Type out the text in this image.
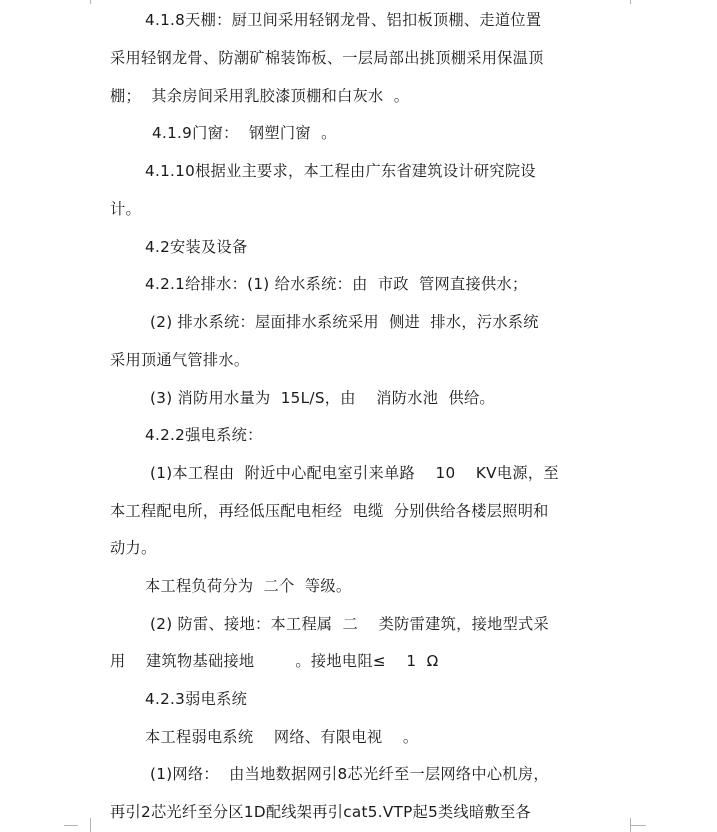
4.1.8天棚：厨卫间采用轻钢龙骨、铝扣板顶棚、走道位置
采用轻钢龙骨、防潮矿棉装饰板、一层局部出挑顶棚采用保温顶
棚；  其余房间采用乳胶漆顶棚和白灰水  。
4.1.9门窗：  钢塑门窗  。
4.1.10根据业主要求，本工程由广东省建筑设计研究院设
计。
4.2安装及设备
4.2.1给排水：(1) 给水系统：由  市政  管网直接供水；
(2) 排水系统：屋面排水系统采用  侧进  排水，污水系统
采用顶通气管排水。
(3) 消防用水量为  15L/S，由    消防水池  供给。
4.2.2强电系统：
(1)本工程由  附近中心配电室引来单路    10    KV电源，至
本工程配电所，再经低压配电柜经  电缆  分别供给各楼层照明和
动力。
本工程负荷分为  二个  等级。
(2) 防雷、接地：本工程属  二    类防雷建筑，接地型式采
用    建筑物基础接地        。接地电阻≤    1  Ω
4.2.3弱电系统
本工程弱电系统    网络、有限电视    。
(1)网络：  由当地数据网引8芯光纤至一层网络中心机房，
再引2芯光纤至分区1D配线架再引cat5.VTP起5类线暗敷至各
